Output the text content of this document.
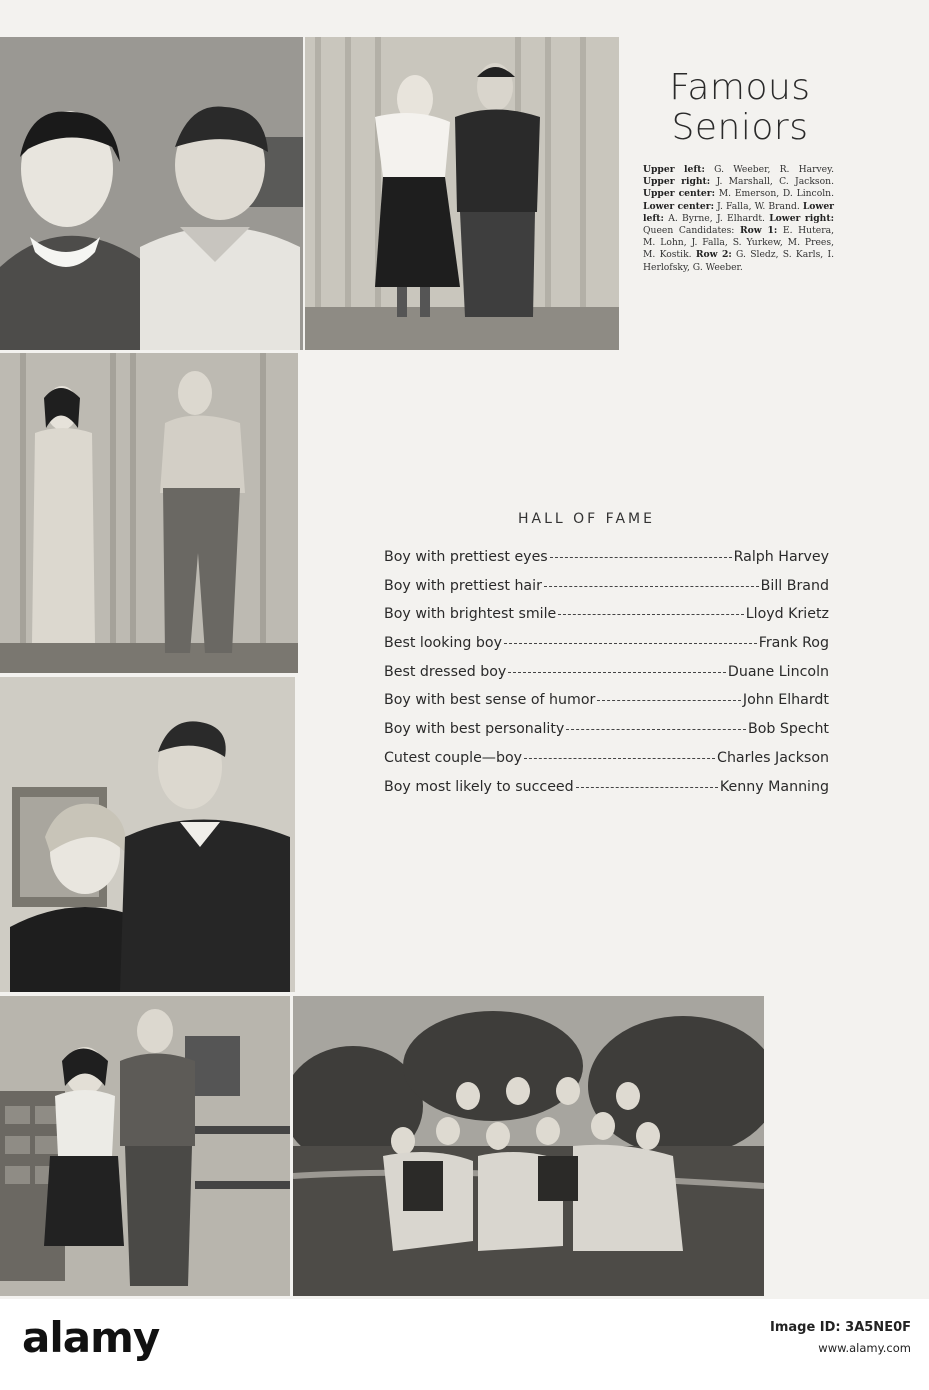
Famous Seniors
Upper left: G. Weeber, R. Harvey. Upper right: J. Marshall, C. Jackson. Upper center: M. Emerson, D. Lincoln. Lower center: J. Falla, W. Brand. Lower left: A. Byrne, J. Elhardt. Lower right: Queen Candidates: Row 1: E. Hutera, M. Lohn, J. Falla, S. Yurkew, M. Prees, M. Kostik. Row 2: G. Sledz, S. Karls, I. Herlofsky, G. Weeber.
HALL OF FAME
Boy with prettiest eyes	Ralph Harvey
Boy with prettiest hair	Bill Brand
Boy with brightest smile	Lloyd Krietz
Best looking boy	Frank Rog
Best dressed boy	Duane Lincoln
Boy with best sense of humor	John Elhardt
Boy with best personality	Bob Specht
Cutest couple—boy	Charles Jackson
Boy most likely to succeed	Kenny Manning
alamy	Image ID: 3A5NE0F
www.alamy.com
